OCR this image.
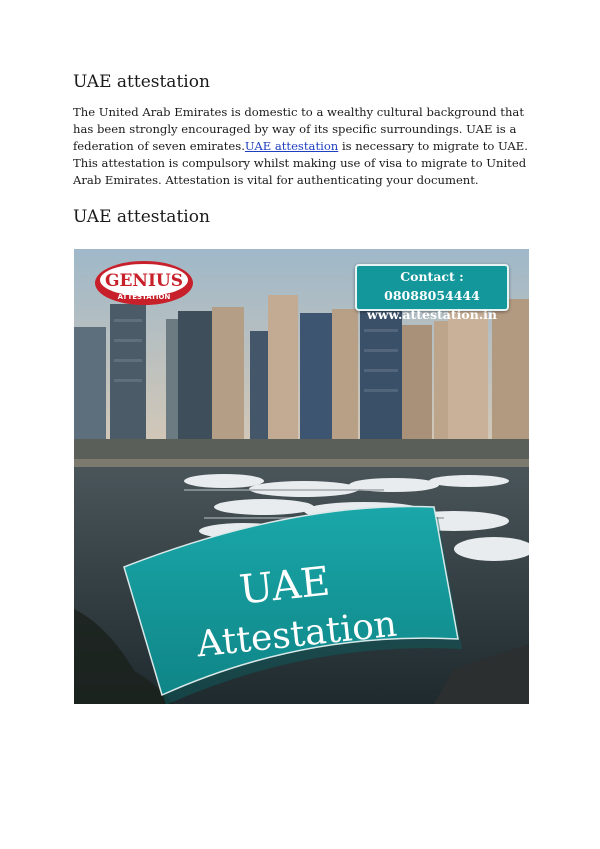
UAE attestation

The United Arab Emirates is domestic to a wealthy cultural background that has been strongly encouraged by way of its specific surroundings. UAE is a federation of seven emirates.UAE attestation is necessary to migrate to UAE. This attestation is compulsory whilst making use of visa to migrate to United Arab Emirates. Attestation is vital for authenticating your document.

UAE attestation
UAE
Attestation
GENIUS
ATTESTATION
Contact : 08088054444
www.attestation.in
